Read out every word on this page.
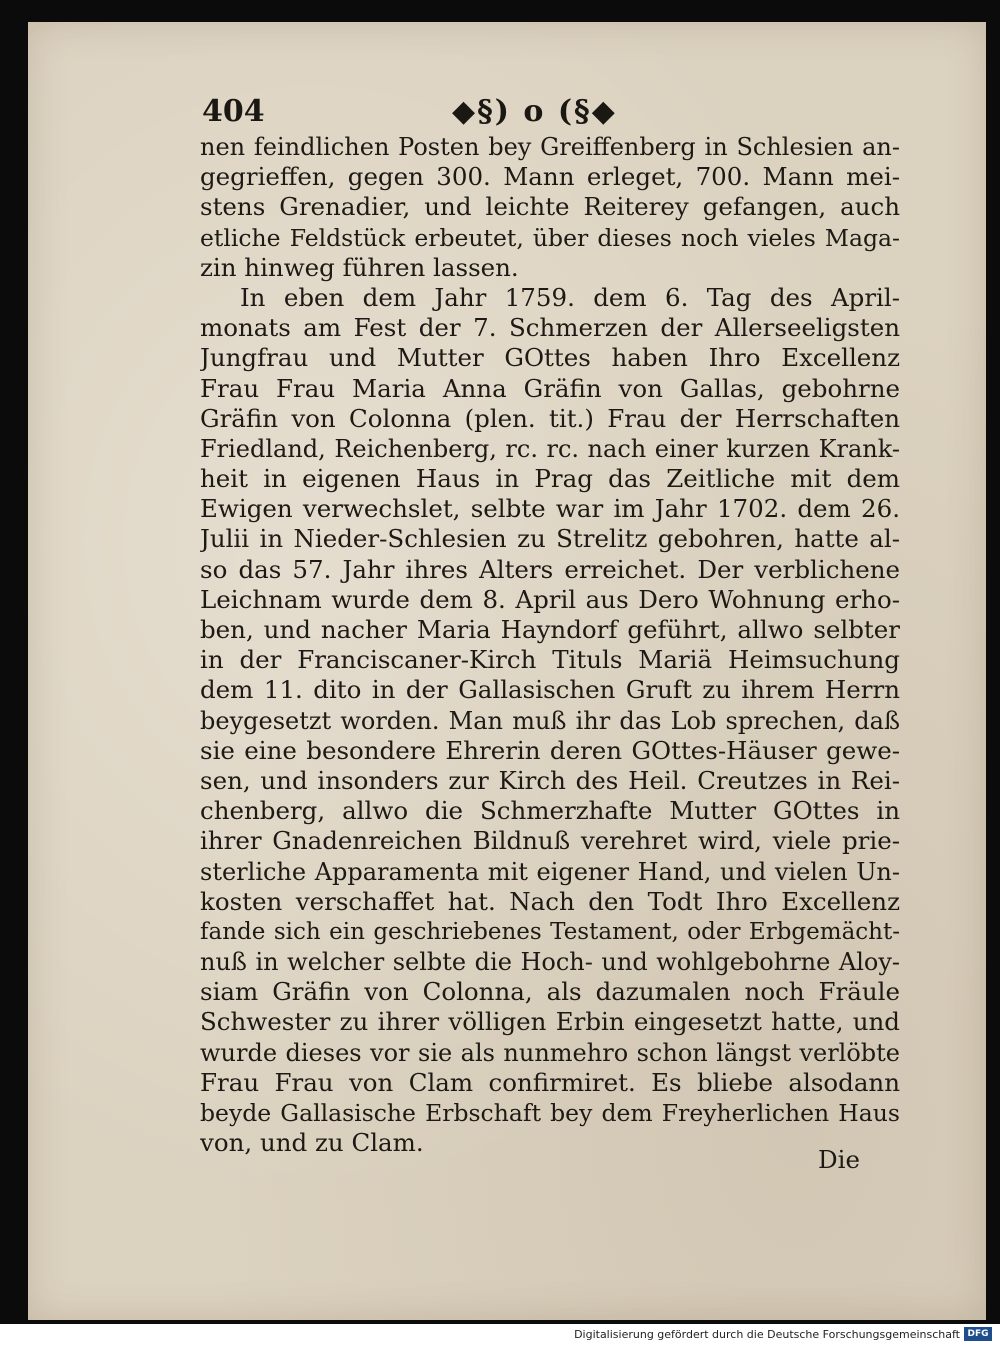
404	◆§) o (§◆
nen feindlichen Posten bey Greiffenberg in Schlesien an-
gegrieffen, gegen 300. Mann erleget, 700. Mann mei-
stens Grenadier, und leichte Reiterey gefangen, auch
etliche Feldstück erbeutet, über dieses noch vieles Maga-
zin hinweg führen lassen.
In eben dem Jahr 1759. dem 6. Tag des April-
monats am Fest der 7. Schmerzen der Allerseeligsten
Jungfrau und Mutter GOttes haben Ihro Excellenz
Frau Frau Maria Anna Gräfin von Gallas, gebohrne
Gräfin von Colonna (plen. tit.) Frau der Herrschaften
Friedland, Reichenberg, rc. rc. nach einer kurzen Krank-
heit in eigenen Haus in Prag das Zeitliche mit dem
Ewigen verwechslet, selbte war im Jahr 1702. dem 26.
Julii in Nieder-Schlesien zu Strelitz gebohren, hatte al-
so das 57. Jahr ihres Alters erreichet. Der verblichene
Leichnam wurde dem 8. April aus Dero Wohnung erho-
ben, und nacher Maria Hayndorf geführt, allwo selbter
in der Franciscaner-Kirch Tituls Mariä Heimsuchung
dem 11. dito in der Gallasischen Gruft zu ihrem Herrn
beygesetzt worden. Man muß ihr das Lob sprechen, daß
sie eine besondere Ehrerin deren GOttes-Häuser gewe-
sen, und insonders zur Kirch des Heil. Creutzes in Rei-
chenberg, allwo die Schmerzhafte Mutter GOttes in
ihrer Gnadenreichen Bildnuß verehret wird, viele prie-
sterliche Apparamenta mit eigener Hand, und vielen Un-
kosten verschaffet hat. Nach den Todt Ihro Excellenz
fande sich ein geschriebenes Testament, oder Erbgemächt-
nuß in welcher selbte die Hoch- und wohlgebohrne Aloy-
siam Gräfin von Colonna, als dazumalen noch Fräule
Schwester zu ihrer völligen Erbin eingesetzt hatte, und
wurde dieses vor sie als nunmehro schon längst verlöbte
Frau Frau von Clam confirmiret. Es bliebe alsodann
beyde Gallasische Erbschaft bey dem Freyherlichen Haus
von, und zu Clam.
Die
Digitalisierung gefördert durch die Deutsche Forschungsgemeinschaft DFG
